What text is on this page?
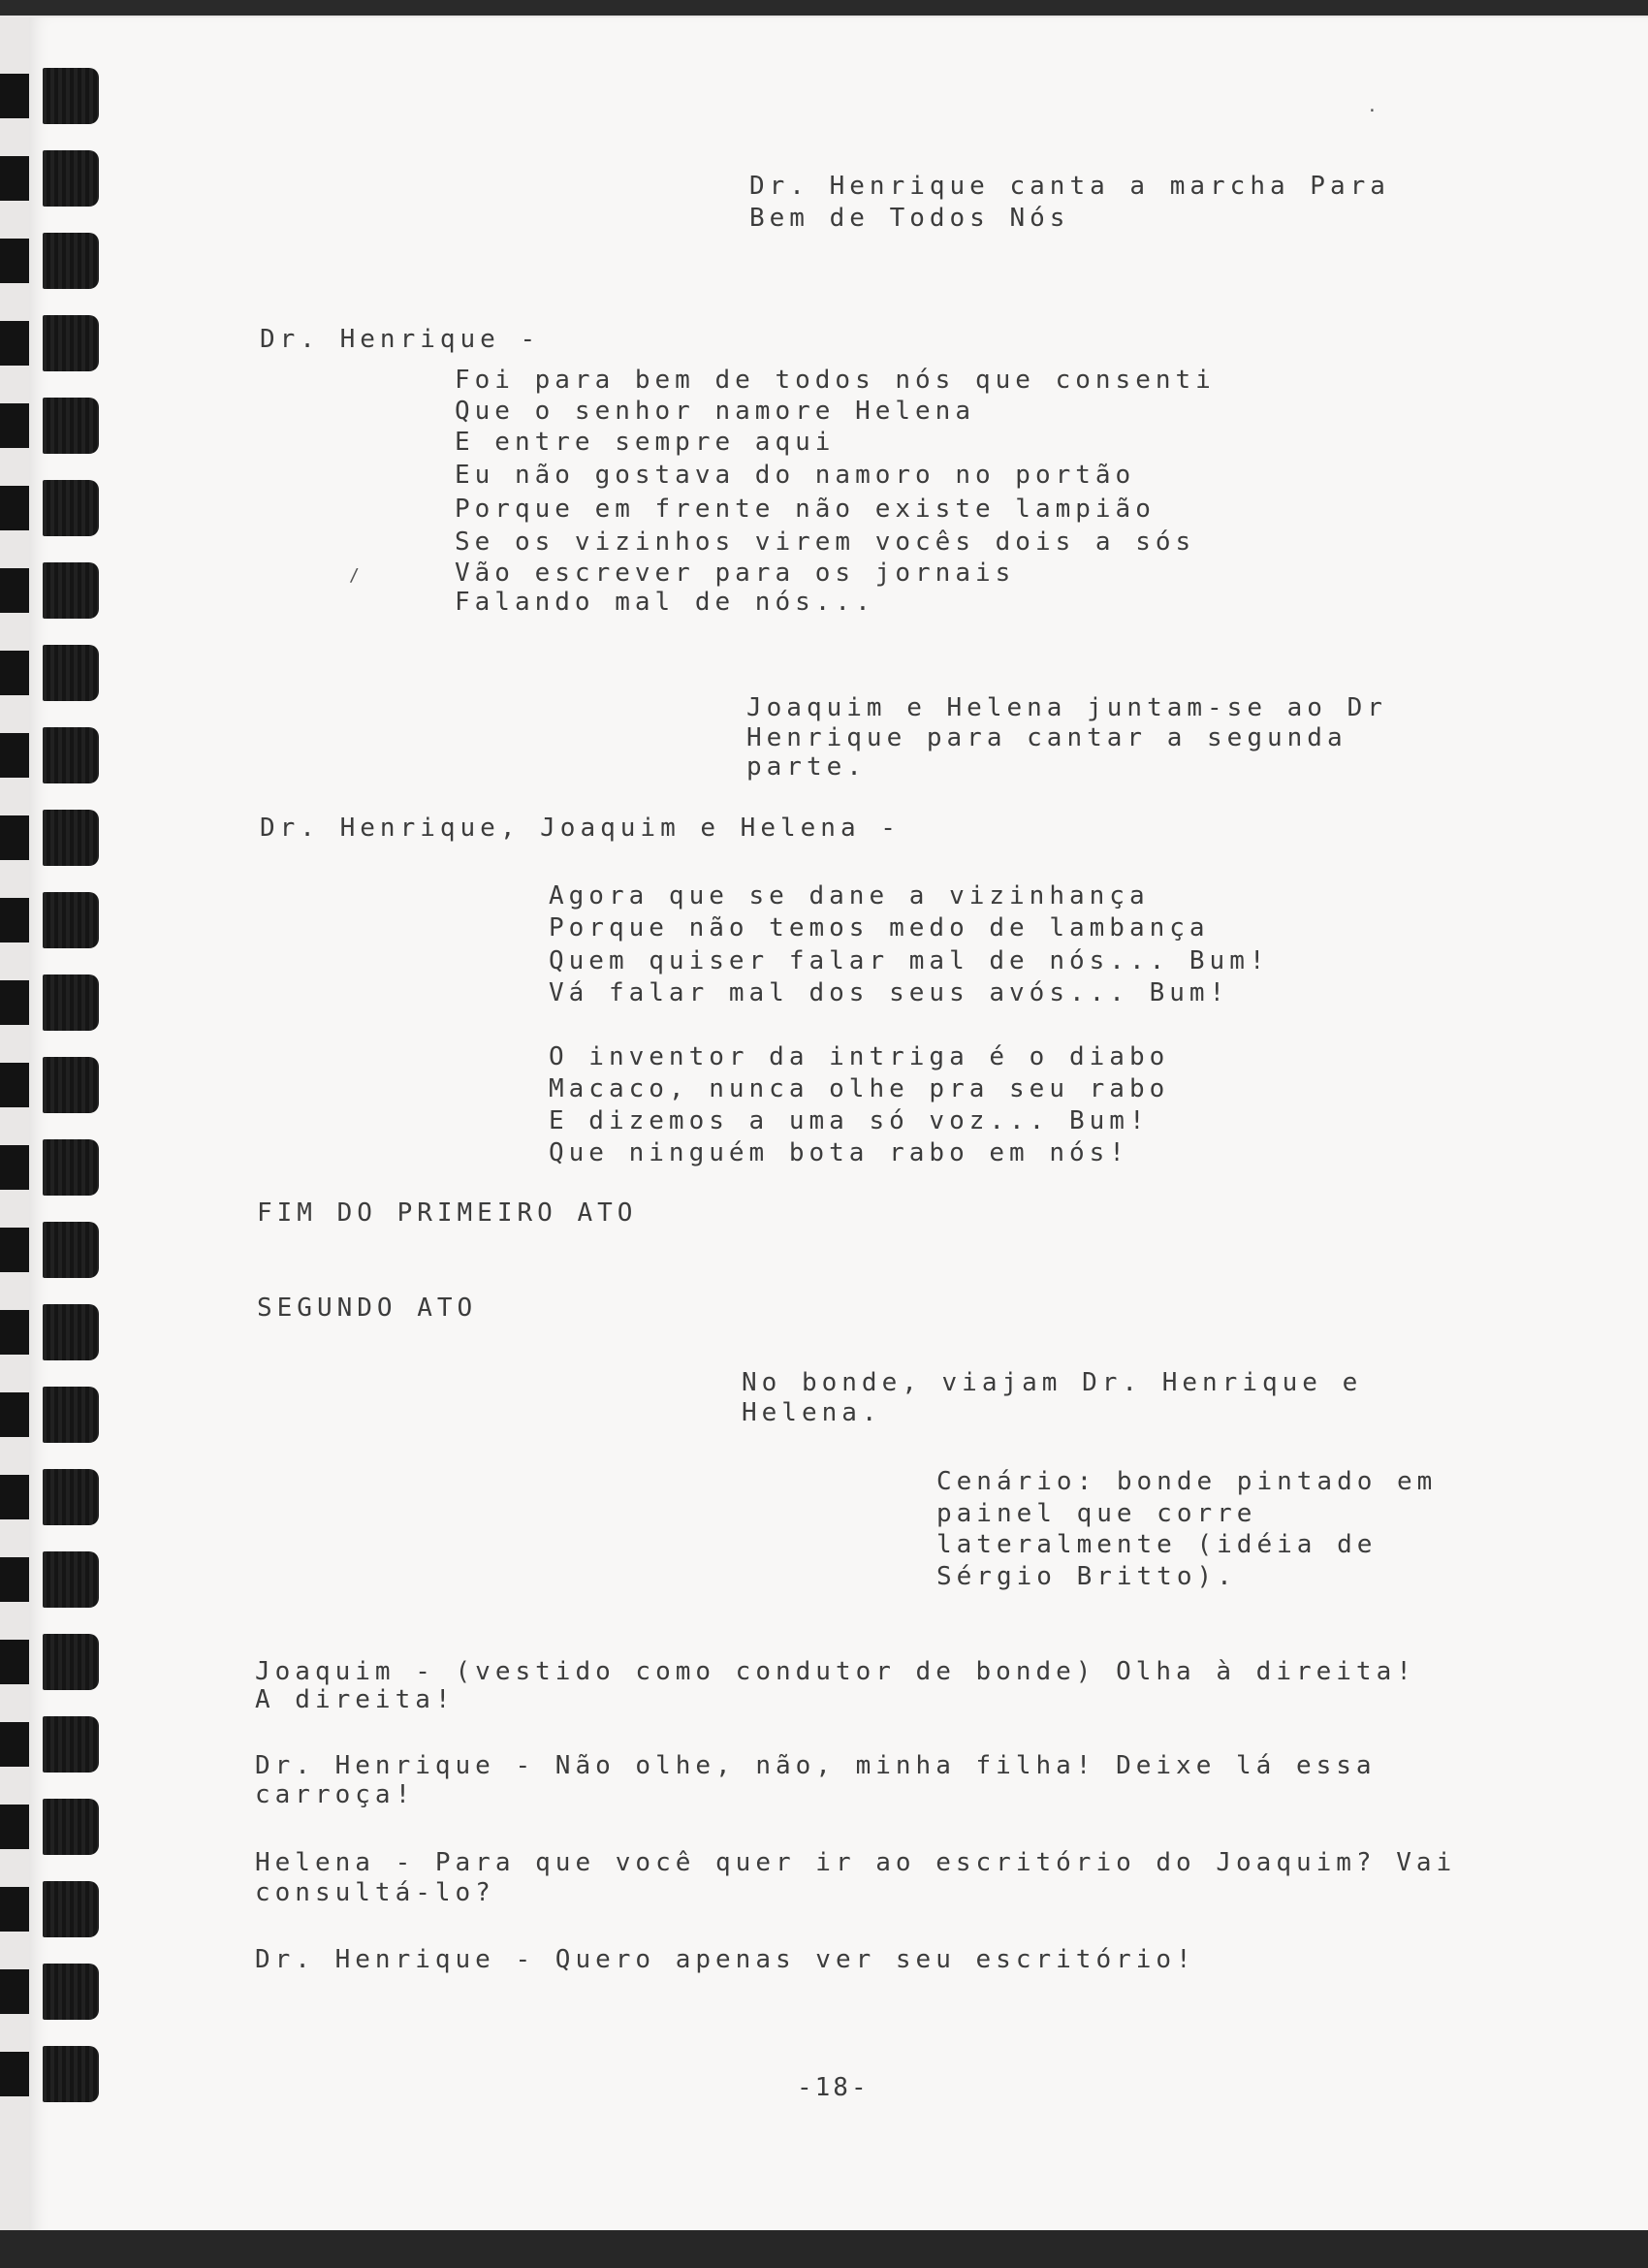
Dr. Henrique canta a marcha Para
Bem de Todos Nós
Dr. Henrique -
Foi para bem de todos nós que consenti
Que o senhor namore Helena
E entre sempre aqui
Eu não gostava do namoro no portão
Porque em frente não existe lampião
Se os vizinhos virem vocês dois a sós
Vão escrever para os jornais
Falando mal de nós...
/
Joaquim e Helena juntam-se ao Dr
Henrique para cantar a segunda
parte.
Dr. Henrique, Joaquim e Helena -
Agora que se dane a vizinhança
Porque não temos medo de lambança
Quem quiser falar mal de nós... Bum!
Vá falar mal dos seus avós... Bum!
O inventor da intriga é o diabo
Macaco, nunca olhe pra seu rabo
E dizemos a uma só voz... Bum!
Que ninguém bota rabo em nós!
FIM DO PRIMEIRO ATO
SEGUNDO ATO
No bonde, viajam Dr. Henrique e
Helena.
Cenário: bonde pintado em
painel que corre
lateralmente (idéia de
Sérgio Britto).
Joaquim - (vestido como condutor de bonde) Olha à direita!
A direita!
Dr. Henrique - Não olhe, não, minha filha! Deixe lá essa
carroça!
Helena - Para que você quer ir ao escritório do Joaquim? Vai
consultá-lo?
Dr. Henrique - Quero apenas ver seu escritório!
-18-
·
